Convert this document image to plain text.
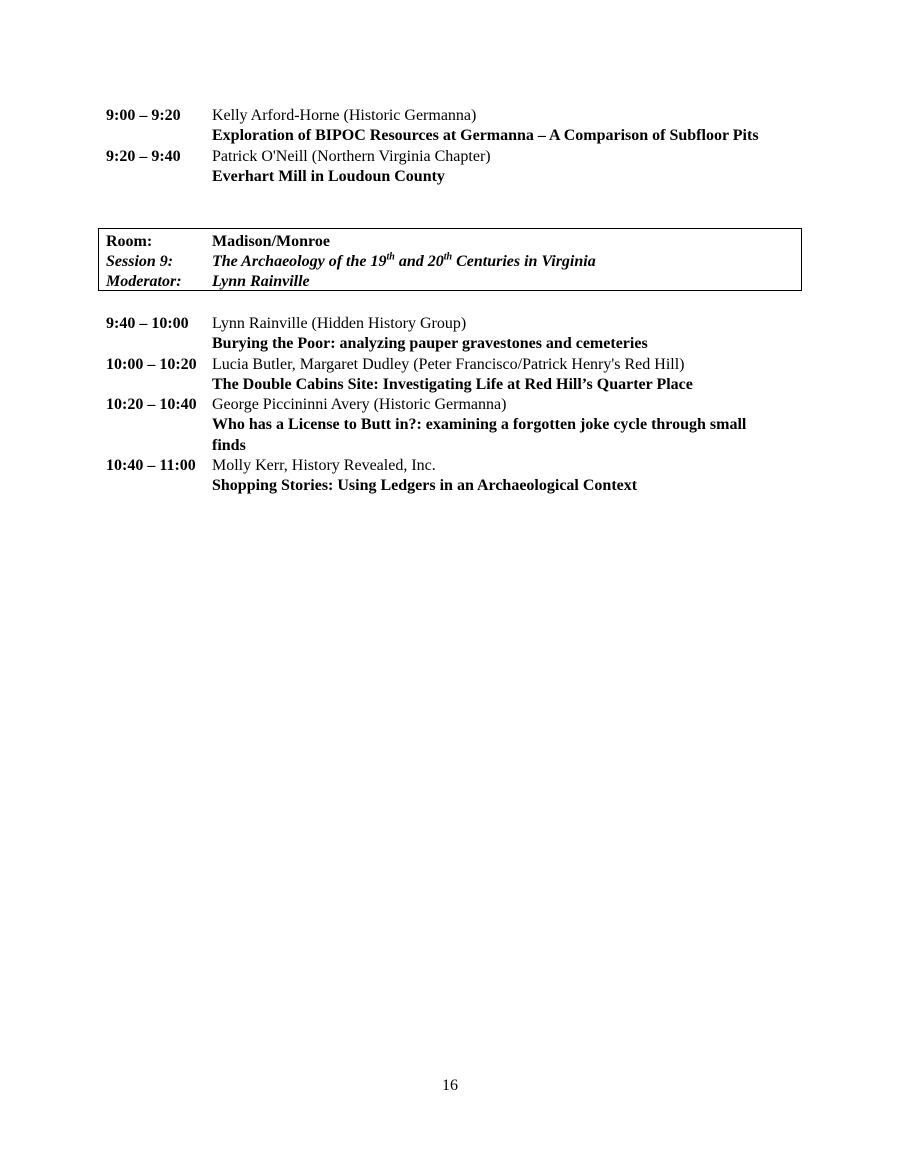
9:00 – 9:20	Kelly Arford-Horne (Historic Germanna)
Exploration of BIPOC Resources at Germanna – A Comparison of Subfloor Pits
9:20 – 9:40	Patrick O'Neill (Northern Virginia Chapter)
Everhart Mill in Loudoun County
Room:	Madison/Monroe
Session 9:	The Archaeology of the 19th and 20th Centuries in Virginia
Moderator:	Lynn Rainville
9:40 – 10:00	Lynn Rainville (Hidden History Group)
Burying the Poor: analyzing pauper gravestones and cemeteries
10:00 – 10:20 Lucia Butler, Margaret Dudley (Peter Francisco/Patrick Henry's Red Hill)
The Double Cabins Site: Investigating Life at Red Hill’s Quarter Place
10:20 – 10:40 George Piccininni Avery (Historic Germanna)
Who has a License to Butt in?: examining a forgotten joke cycle through small finds
10:40 – 11:00	Molly Kerr, History Revealed, Inc.
Shopping Stories: Using Ledgers in an Archaeological Context
16
